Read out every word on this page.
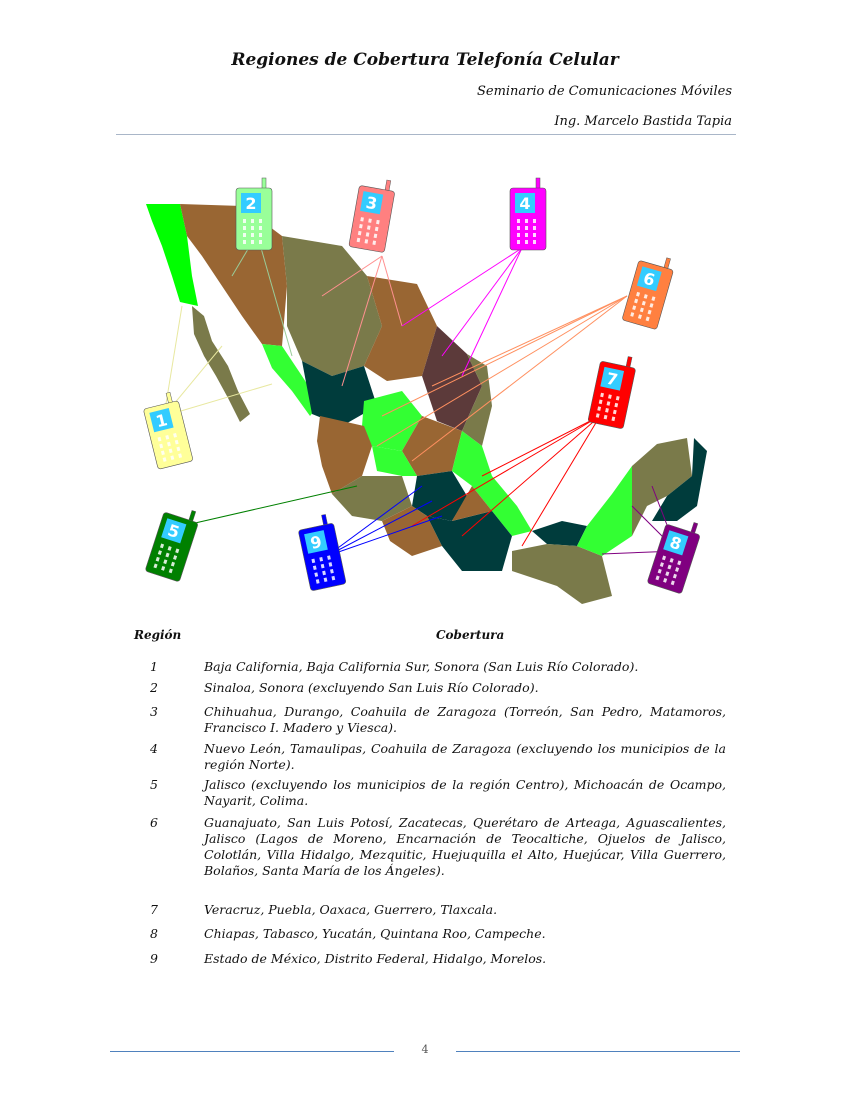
Regiones de Cobertura Telefonía Celular
Seminario de Comunicaciones Móviles
Ing. Marcelo Bastida Tapia
1
2	3	4
5
6
7
8
9
Región	Cobertura
1	Baja California, Baja California Sur, Sonora (San Luis Río Colorado).
2	Sinaloa, Sonora (excluyendo San Luis Río Colorado).
3	Chihuahua, Durango, Coahuila de Zaragoza (Torreón, San Pedro, Matamoros, Francisco I. Madero y Viesca).
4	Nuevo León, Tamaulipas, Coahuila de Zaragoza (excluyendo los municipios de la región Norte).
5	Jalisco (excluyendo los municipios de la región Centro), Michoacán de Ocampo, Nayarit, Colima.
6	Guanajuato, San Luis Potosí, Zacatecas, Querétaro de Arteaga, Aguascalientes, Jalisco (Lagos de Moreno, Encarnación de Teocaltiche, Ojuelos de Jalisco, Colotlán, Villa Hidalgo, Mezquitic, Huejuquilla el Alto, Huejúcar, Villa Guerrero, Bolaños, Santa María de los Ángeles).
7	Veracruz, Puebla, Oaxaca, Guerrero, Tlaxcala.
8	Chiapas, Tabasco, Yucatán, Quintana Roo, Campeche.
9	Estado de México, Distrito Federal, Hidalgo, Morelos.
4
